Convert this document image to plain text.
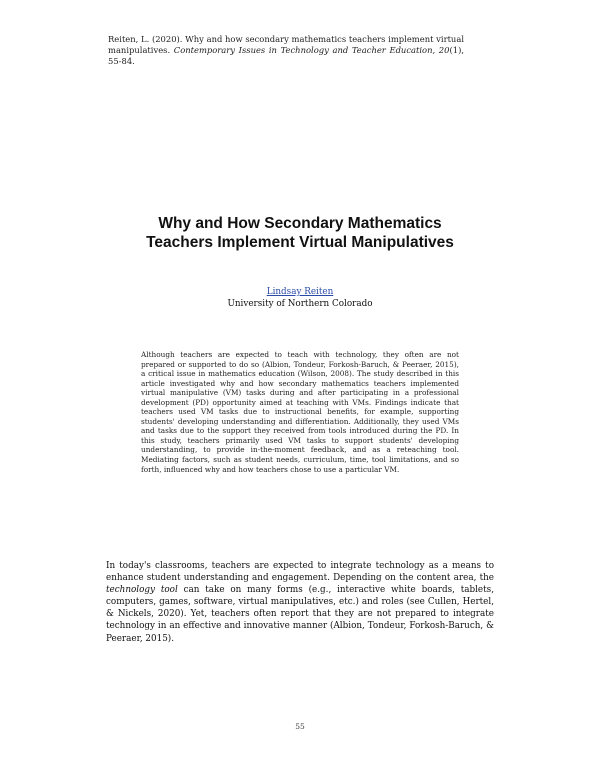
Reiten, L. (2020). Why and how secondary mathematics teachers implement virtual manipulatives. Contemporary Issues in Technology and Teacher Education, 20(1), 55-84.
Why and How Secondary Mathematics
Teachers Implement Virtual Manipulatives
Lindsay Reiten
University of Northern Colorado

Although teachers are expected to teach with technology, they often are not prepared or supported to do so (Albion, Tondeur, Forkosh-Baruch, & Peeraer, 2015), a critical issue in mathematics education (Wilson, 2008). The study described in this article investigated why and how secondary mathematics teachers implemented virtual manipulative (VM) tasks during and after participating in a professional development (PD) opportunity aimed at teaching with VMs. Findings indicate that teachers used VM tasks due to instructional benefits, for example, supporting students' developing understanding and differentiation. Additionally, they used VMs and tasks due to the support they received from tools introduced during the PD. In this study, teachers primarily used VM tasks to support students' developing understanding, to provide in-the-moment feedback, and as a reteaching tool. Mediating factors, such as student needs, curriculum, time, tool limitations, and so forth, influenced why and how teachers chose to use a particular VM.

In today's classrooms, teachers are expected to integrate technology as a means to enhance student understanding and engagement. Depending on the content area, the technology tool can take on many forms (e.g., interactive white boards, tablets, computers, games, software, virtual manipulatives, etc.) and roles (see Cullen, Hertel, & Nickels, 2020). Yet, teachers often report that they are not prepared to integrate technology in an effective and innovative manner (Albion, Tondeur, Forkosh-Baruch, & Peeraer, 2015).

55
